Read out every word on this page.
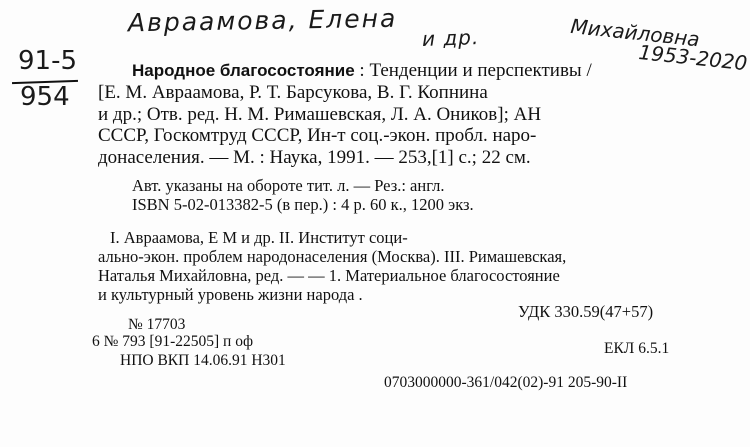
Авраамова, Елена
и др.	Михайловна
1953-2020
91-5
954
Народное благосостояние : Тенденции и перспективы /
[Е. М. Авраамова, Р. Т. Барсукова, В. Г. Копнина
и др.; Отв. ред. Н. М. Римашевская, Л. А. Оников]; АН
СССР, Госкомтруд СССР, Ин-т соц.-экон. пробл. наро-
донаселения. — М. : Наука, 1991. — 253,[1] с.; 22 см.
Авт. указаны на обороте тит. л. — Рез.: англ.
ISBN 5-02-013382-5 (в пер.) : 4 р. 60 к., 1200 экз.
I. Авраамова, Е М и др. II. Институт соци-
ально-экон. проблем народонаселения (Москва). III. Римашевская,
Наталья Михайловна, ред. — — 1. Материальное благосостояние
и культурный уровень жизни народа .
УДК 330.59(47+57)
№ 17703
6 № 793 [91-22505] п оф	ЕКЛ 6.5.1
НПО ВКП 14.06.91 Н301
0703000000-361/042(02)-91 205-90-II
